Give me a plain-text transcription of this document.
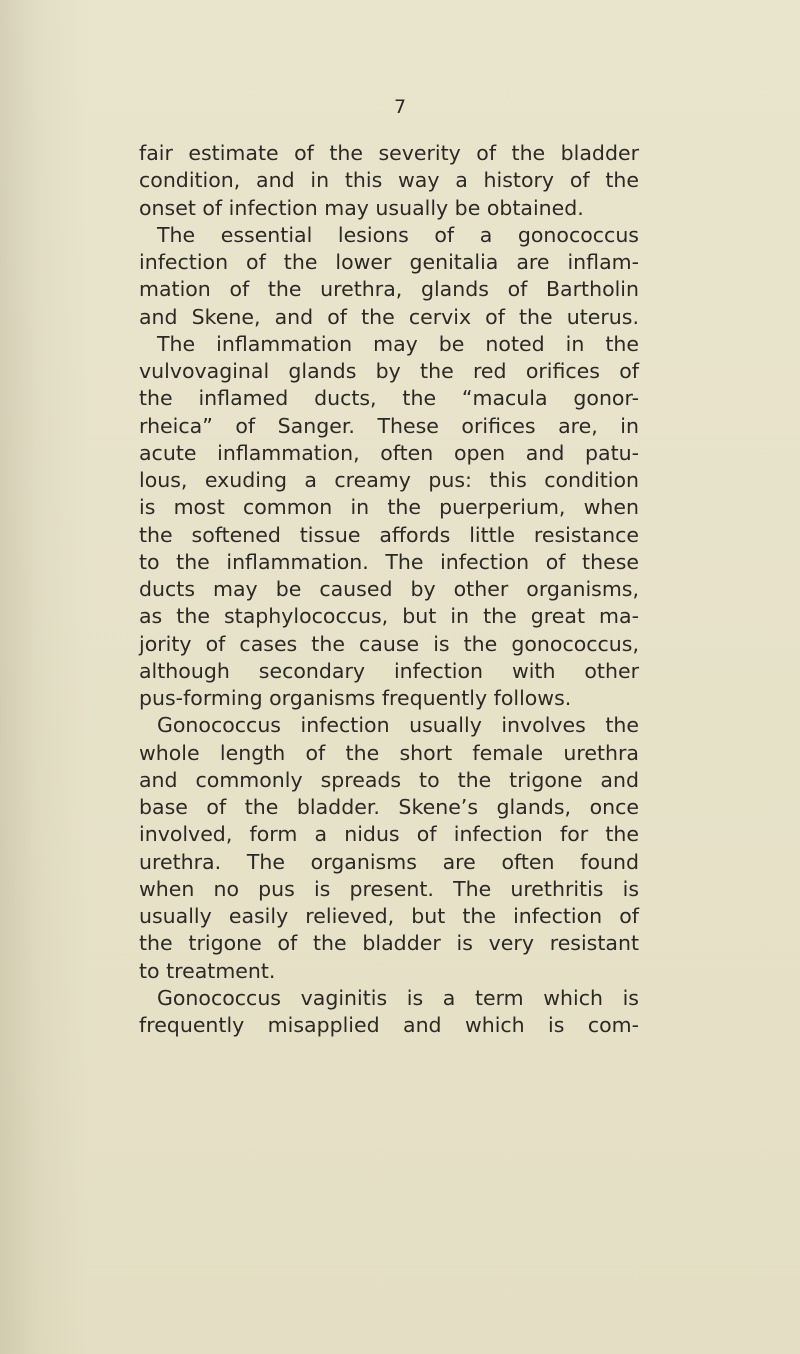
7

fair estimate of the severity of the bladder
condition, and in this way a history of the
onset of infection may usually be obtained.
The essential lesions of a gonococcus
infection of the lower genitalia are inflam-
mation of the urethra, glands of Bartholin
and Skene, and of the cervix of the uterus.
The inflammation may be noted in the
vulvovaginal glands by the red orifices of
the inflamed ducts, the “macula gonor-
rheica” of Sanger. These orifices are, in
acute inflammation, often open and patu-
lous, exuding a creamy pus: this condition
is most common in the puerperium, when
the softened tissue affords little resistance
to the inflammation. The infection of these
ducts may be caused by other organisms,
as the staphylococcus, but in the great ma-
jority of cases the cause is the gonococcus,
although secondary infection with other
pus-forming organisms frequently follows.
Gonococcus infection usually involves the
whole length of the short female urethra
and commonly spreads to the trigone and
base of the bladder. Skene’s glands, once
involved, form a nidus of infection for the
urethra. The organisms are often found
when no pus is present. The urethritis is
usually easily relieved, but the infection of
the trigone of the bladder is very resistant
to treatment.
Gonococcus vaginitis is a term which is
frequently misapplied and which is com-
